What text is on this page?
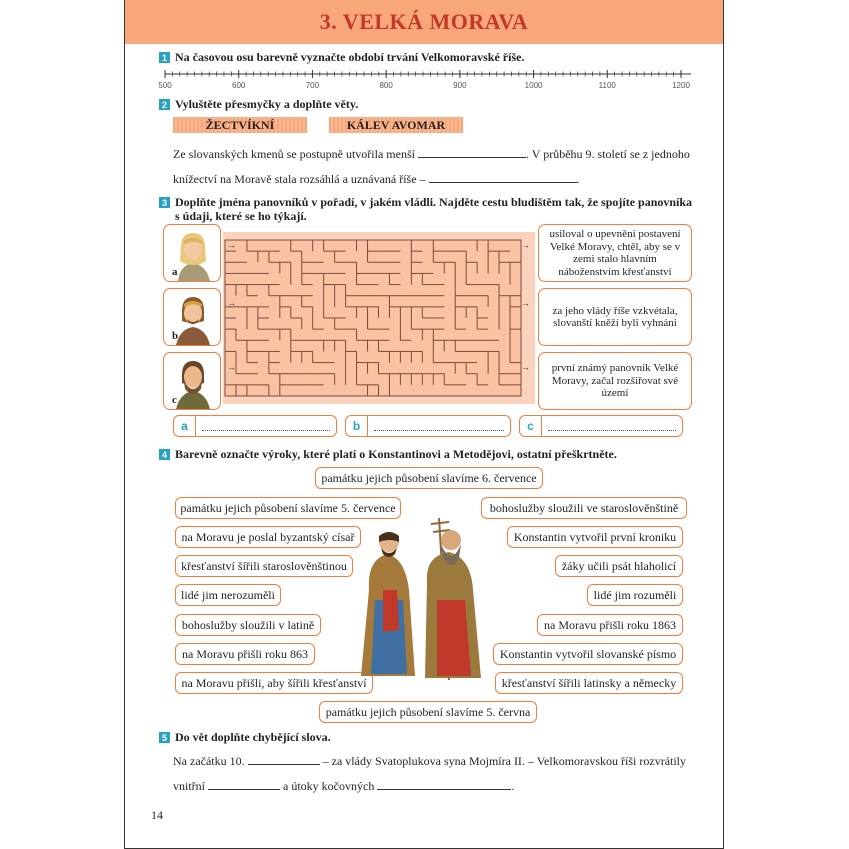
3. VELKÁ MORAVA
1 Na časovou osu barevně vyznačte období trvání Velkomoravské říše.
500	600	700	800	900	1000	1100	1200
2 Vyluštěte přesmyčky a doplňte věty.
ŽECTVÍKNÍ	KÁLEV AVOMAR
Ze slovanských kmenů se postupně utvořila menší	. V průběhu 9. století se z jednoho
knížectví na Moravě stala rozsáhlá a uznávaná říše –	.
3 Doplňte jména panovníků v pořadí, v jakém vládli. Najděte cestu bludištěm tak, že spojíte panovníka
s údaji, které se ho týkají.
a
b
c
→
→
→
→
→
→
usiloval o upevnění postavení Velké Moravy, chtěl, aby se v zemi stalo hlavním náboženstvím křesťanství
za jeho vlády říše vzkvétala, slovanští kněží byli vyhnáni
první známý panovník Velké Moravy, začal rozšiřovat své území
a	b	c
4 Barevně označte výroky, které platí o Konstantinovi a Metodějovi, ostatní přeškrtněte.
památku jejich působení slavíme 6. července
památku jejich působení slavíme 5. července
na Moravu je poslal byzantský císař
křesťanství šířili staroslověnštinou
lidé jim nerozuměli
bohoslužby sloužili v latině
na Moravu přišli roku 863
na Moravu přišli, aby šířili křesťanství
bohoslužby sloužili ve staroslověnštině
Konstantin vytvořil první kroniku
žáky učili psát hlaholicí
lidé jim rozuměli
na Moravu přišli roku 1863
Konstantin vytvořil slovanské písmo
křesťanství šířili latinsky a německy
památku jejich působení slavíme 5. června
5 Do vět doplňte chybějící slova.
Na začátku 10.	– za vlády Svatoplukova syna Mojmíra II. – Velkomoravskou říši rozvrátily
vnitřní	a útoky kočovných	.
14
